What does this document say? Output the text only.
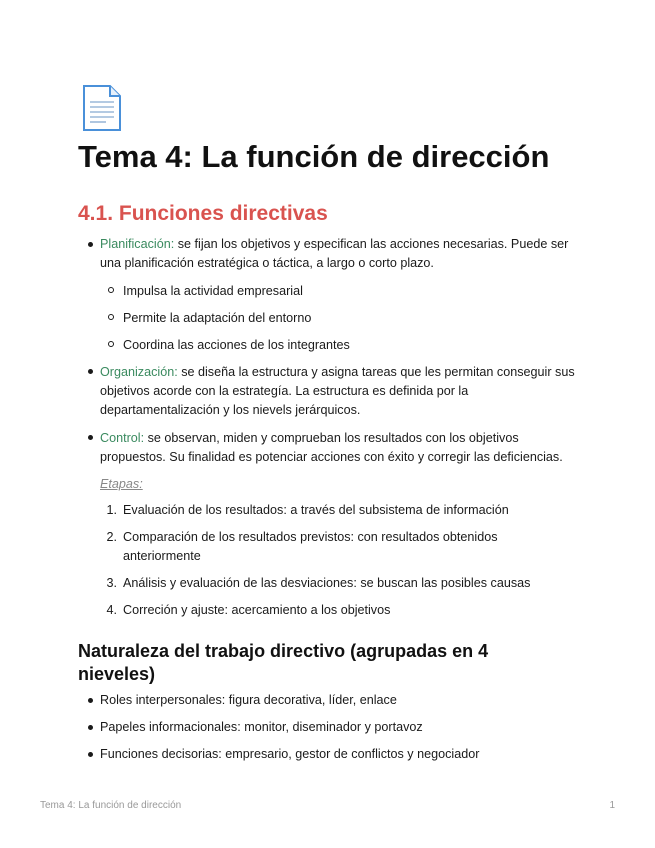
Tema 4: La función de dirección
4.1. Funciones directivas
Planificación: se fijan los objetivos y especifican las acciones necesarias. Puede ser una planificación estratégica o táctica, a largo o corto plazo.
Impulsa la actividad empresarial
Permite la adaptación del entorno
Coordina las acciones de los integrantes
Organización: se diseña la estructura y asigna tareas que les permitan conseguir sus objetivos acorde con la estrategía. La estructura es definida por la departamentalización y los nievels jerárquicos.
Control: se observan, miden y comprueban los resultados con los objetivos propuestos. Su finalidad es potenciar acciones con éxito y corregir las deficiencias.
Etapas:
1. Evaluación de los resultados: a través del subsistema de información
2. Comparación de los resultados previstos: con resultados obtenidos anteriormente
3. Análisis y evaluación de las desviaciones: se buscan las posibles causas
4. Correción y ajuste: acercamiento a los objetivos
Naturaleza del trabajo directivo (agrupadas en 4 nieveles)
Roles interpersonales: figura decorativa, líder, enlace
Papeles informacionales: monitor, diseminador y portavoz
Funciones decisorias: empresario, gestor de conflictos y negociador
Tema 4: La función de dirección	1
